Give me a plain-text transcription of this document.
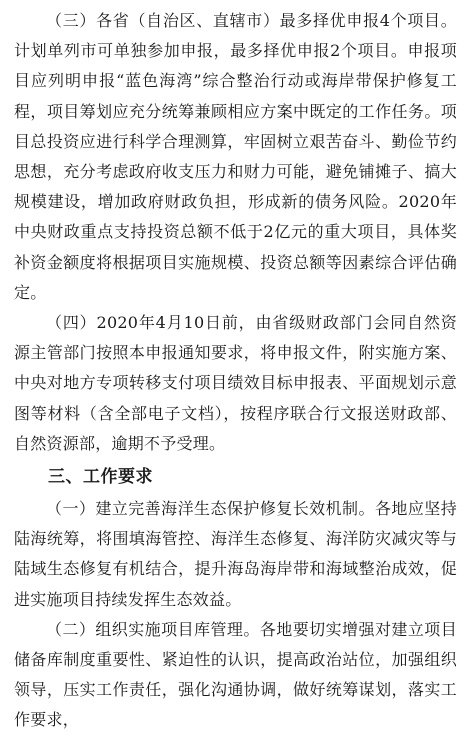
（三）各省（自治区、直辖市）最多择优申报4个项目。计划单列市可单独参加申报，最多择优申报2个项目。申报项目应列明申报“蓝色海湾”综合整治行动或海岸带保护修复工程，项目筹划应充分统筹兼顾相应方案中既定的工作任务。项目总投资应进行科学合理测算，牢固树立艰苦奋斗、勤俭节约思想，充分考虑政府收支压力和财力可能，避免铺摊子、搞大规模建设，增加政府财政负担，形成新的债务风险。2020年中央财政重点支持投资总额不低于2亿元的重大项目，具体奖补资金额度将根据项目实施规模、投资总额等因素综合评估确定。

（四）2020年4月10日前，由省级财政部门会同自然资源主管部门按照本申报通知要求，将申报文件，附实施方案、中央对地方专项转移支付项目绩效目标申报表、平面规划示意图等材料（含全部电子文档），按程序联合行文报送财政部、自然资源部，逾期不予受理。

三、工作要求

（一）建立完善海洋生态保护修复长效机制。各地应坚持陆海统筹，将围填海管控、海洋生态修复、海洋防灾减灾等与陆域生态修复有机结合，提升海岛海岸带和海域整治成效，促进实施项目持续发挥生态效益。

（二）组织实施项目库管理。各地要切实增强对建立项目储备库制度重要性、紧迫性的认识，提高政治站位，加强组织领导，压实工作责任，强化沟通协调，做好统筹谋划，落实工作要求，
